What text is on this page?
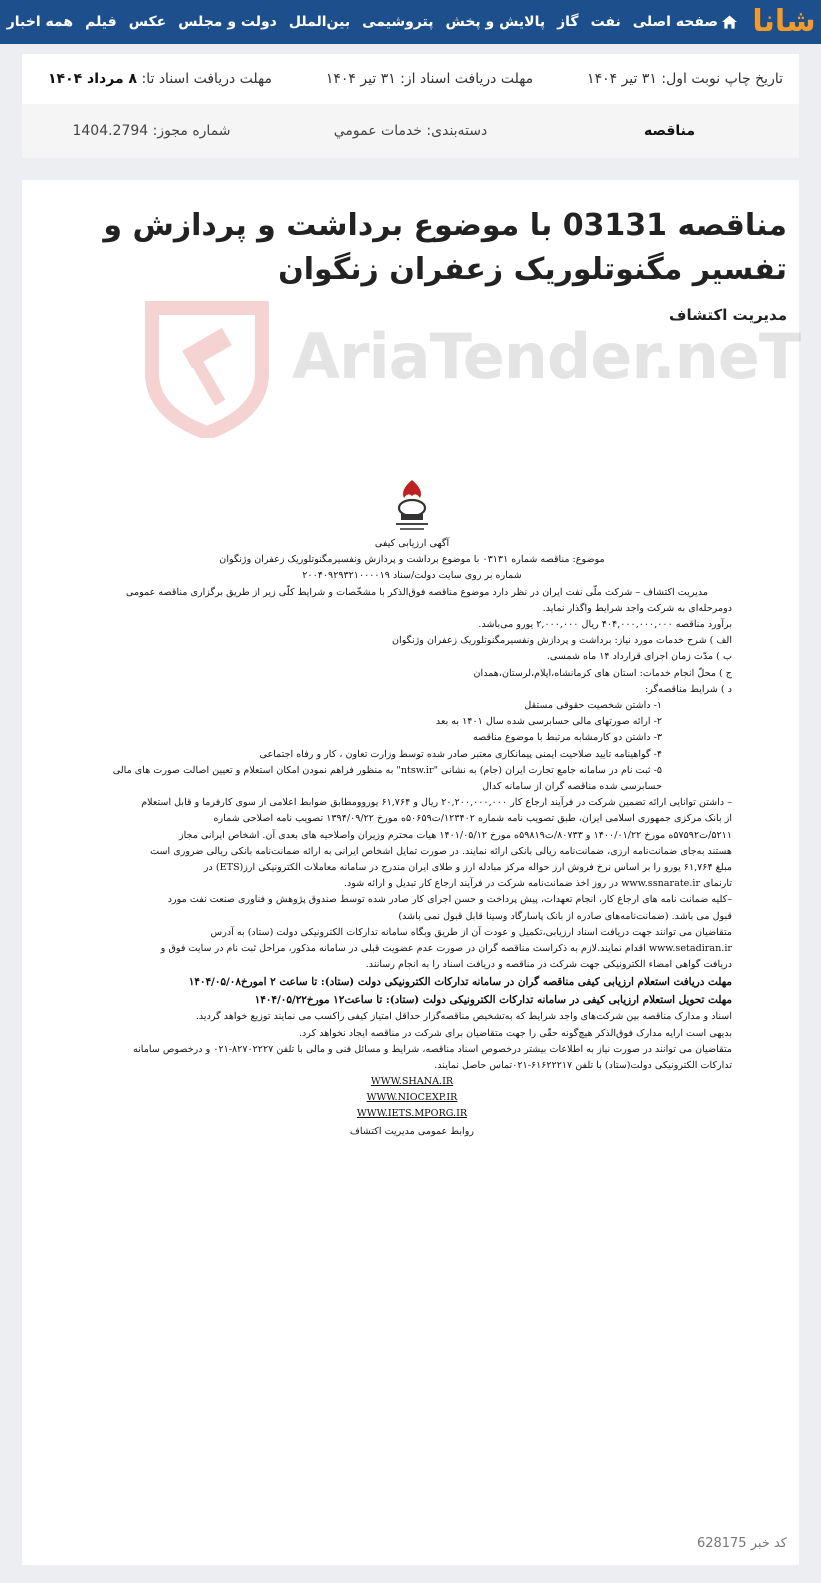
شانا
صفحه اصلی
نفت
گاز
پالایش و پخش
پتروشیمی
بین‌الملل
دولت و مجلس
عکس
فیلم
همه اخبار
تاریخ چاپ نوبت اول: ۳۱ تیر ۱۴۰۴
مهلت دریافت اسناد از: ۳۱ تیر ۱۴۰۴
مهلت دریافت اسناد تا: ۸ مرداد ۱۴۰۴
مناقصه
دسته‌بندی: خدمات عمومي
شماره مجوز: 1404.2794
مناقصه 03131 با موضوع برداشت و پردازش و تفسیر مگنوتلوریک زعفران زنگوان
مدیریت اکتشاف
AriaTender.neT
آگهی ارزیابی کیفی
موضوع: مناقصه شماره ۰۳۱۳۱ با موضوع برداشت و پردازش ونفسیرمگنوتلوریک زعفران وژنگوان
شماره بر روی سایت دولت/سناد ۲۰۰۴۰۹۲۹۳۲۱۰۰۰۰۱۹
مدیریت اکتشاف – شرکت ملّی نفت ایران در نظر دارد موضوع مناقصه فوق‌الذکر با مشخّصات و شرایط کلّی زیر از طریق برگزاری مناقصه عمومی
دومرحله‌ای به شرکت واجد شرایط واگذار نماید.
برآورد مناقصه ۴۰۴,۰۰۰,۰۰۰,۰۰۰ ریال ۲,۰۰۰,۰۰۰ یورو می‌باشد.
الف ) شرح خدمات مورد نیاز: برداشت و پردازش ونفسیرمگنوتلوریک زعفران وژنگوان
ب ) مدّت زمان اجرای قرارداد ۱۴ ماه شمسی.
ج ) محلّ انجام خدمات: استان های کرمانشاه،ایلام،لرستان،همدان
د ) شرایط مناقصه‌گر:
۱- داشتن شخصیت حقوقی مستقل
۲- ارائه صورتهای مالی حسابرسی شده سال ۱۴۰۱ به بعد
۳- داشتن دو کارمشابه مرتبط با موضوع مناقصه
۴- گواهینامه تایید صلاحیت ایمنی پیمانکاری معتبر صادر شده توسط وزارت تعاون ، کار و رفاه اجتماعی
۵- ثبت نام در سامانه جامع تجارت ایران (جام) به نشانی "ntsw.ir" به منظور فراهم نمودن امکان استعلام و تعیین اصالت صورت های مالی
حسابرسی شده مناقصه گران از سامانه کدال
– داشتن توانایی ارائه تضمین شرکت در فرآیند ارجاع کار ۲۰,۲۰۰,۰۰۰,۰۰۰ ریال و ۶۱,۷۶۴ یوروومطابق ضوابط اعلامی از سوی کارفرما و قابل استعلام
از بانک مرکزی جمهوری اسلامی ایران، طبق تصویب نامه شماره ۱۲۳۴۰۲/ت۵۰۶۵۹ه مورخ ۱۳۹۴/۰۹/۲۲ تصویب نامه اصلاحی شماره
۵۲۱۱/ت۵۷۵۹۲ه مورخ ۱۴۰۰/۰۱/۲۲ و ۸۰۷۳۳/ت۵۹۸۱۹ه مورخ ۱۴۰۱/۰۵/۱۲ هیات محترم وزیران واصلاحیه های بعدی آن. اشخاص ایرانی مجاز
هستند به‌جای ضمانت‌نامه ارزی، ضمانت‌نامه ریالی بانکی ارائه نمایند. در صورت تمایل اشخاص ایرانی به ارائه ضمانت‌نامه بانکی ریالی ضروری است
مبلغ ۶۱,۷۶۴ یورو را بر اساس نرخ فروش ارز حواله مرکز مبادله ارز و طلای ایران مندرج در سامانه معاملات الکترونیکی ارز(ETS) در
تارنمای www.ssnarate.ir در روز اخذ ضمانت‌نامه شرکت در فرآیند ارجاع کار تبدیل و ارائه شود.
–کلیه ضمانت نامه های ارجاع کار، انجام تعهدات، پیش پرداخت و حسن اجرای کار صادر شده توسط صندوق پژوهش و فناوری صنعت نفت مورد
قبول می باشد. (ضمانت‌نامه‌های صادره از بانک پاسارگاد وسینا قابل قبول نمی باشد)
متقاضیان می توانند جهت دریافت اسناد ارزیابی،تکمیل و عودت آن از طریق وبگاه سامانه تدارکات الکترونیکی دولت (ستاد) به آدرس
www.setadiran.ir اقدام نمایند.لازم به ذکراست مناقصه گران در صورت عدم عضویت قبلی در سامانه مذکور، مراحل ثبت نام در سایت فوق و
دریافت گواهی امضاء الکترونیکی جهت شرکت در مناقصه و دریافت اسناد را به انجام رسانند.
مهلت دریافت استعلام ارزیابی کیفی مناقصه گران در سامانه تدارکات الکترونیکی دولت (ستاد): تا ساعت ۲ امورخ۱۴۰۴/۰۵/۰۸
مهلت تحویل استعلام ارزیابی کیفی در سامانه تدارکات الکترونیکی دولت (ستاد): تا ساعت۱۲ مورخ۱۴۰۴/۰۵/۲۲
اسناد و مدارک مناقصه بین شرکت‌های واجد شرایط که به‌تشخیص مناقصه‌گزار حداقل امتیاز کیفی راکسب می نمایند توزیع خواهد گردید.
بدیهی است ارایه مدارک فوق‌الذکر هیچ‌گونه حقّی را جهت متقاضیان برای شرکت در مناقصه ایجاد نخواهد کرد.
متقاضیان می توانند در صورت نیاز به اطلاعات بیشتر درخصوص اسناد مناقصه، شرایط و مسائل فنی و مالی با تلفن ۸۲۷۰۲۲۲۷-۰۲۱ و درخصوص سامانه
تدارکات الکترونیکی دولت(ستاد) با تلفن ۶۱۶۲۲۲۱۷-۰۲۱تماس حاصل نمایند.
WWW.SHANA.IR
WWW.NIOCEXP.IR
WWW.IETS.MPORG.IR
روابط عمومی مدیریت اکتشاف
کد خبر 628175
